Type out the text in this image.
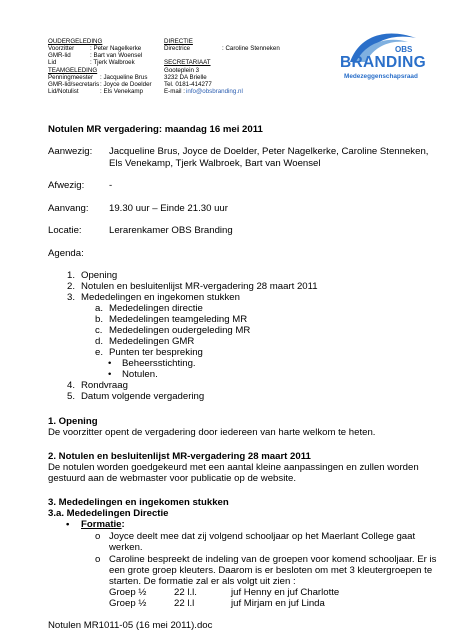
OUDERGELEDING	DIRECTIE
Voorzitter	: Peter Nagelkerke	Directrice	: Caroline Stenneken
GMR-lid	: Bart van Woensel
Lid	: Tjerk Walbroek	SECRETARIAAT
TEAMGELEDING	Gooteplein 3
Penningmeester : Jacqueline Brus	3232 DA Brielle
GMR-lid/secretaris : Joyce de Doelder Tel. 0181-414277
Lid/Notulist	: Els Venekamp	E-mail : info@obsbranding.nl
OBS
BRANDING
Medezeggenschapsraad
Notulen MR vergadering: maandag 16 mei 2011
Aanwezig: Jacqueline Brus, Joyce de Doelder, Peter Nagelkerke, Caroline Stenneken,
Els Venekamp, Tjerk Walbroek, Bart van Woensel
Afwezig:	-
Aanvang: 19.30 uur – Einde 21.30 uur
Locatie:	Lerarenkamer OBS Branding
Agenda:
1. Opening
2. Notulen en besluitenlijst MR-vergadering 28 maart 2011
3. Mededelingen en ingekomen stukken
a. Mededelingen directie
b. Mededelingen teamgeleding MR
c. Mededelingen oudergeleding MR
d. Mededelingen GMR
e. Punten ter bespreking
• Beheersstichting.
• Notulen.
4. Rondvraag
5. Datum volgende vergadering
1. Opening
De voorzitter opent de vergadering door iedereen van harte welkom te heten.
2. Notulen en besluitenlijst MR-vergadering 28 maart 2011
De notulen worden goedgekeurd met een aantal kleine aanpassingen en zullen worden
gestuurd aan de webmaster voor publicatie op de website.
3. Mededelingen en ingekomen stukken
3.a. Mededelingen Directie
• Formatie:
o Joyce deelt mee dat zij volgend schooljaar op het Maerlant College gaat
werken.
o Caroline bespreekt de indeling van de groepen voor komend schooljaar. Er is
een grote groep kleuters. Daarom is er besloten om met 3 kleutergroepen te
starten. De formatie zal er als volgt uit zien :
Groep ½	22 l.l.	juf Henny en juf Charlotte
Groep ½	22 l.l	juf Mirjam en juf Linda
Notulen MR1011-05 (16 mei 2011).doc
